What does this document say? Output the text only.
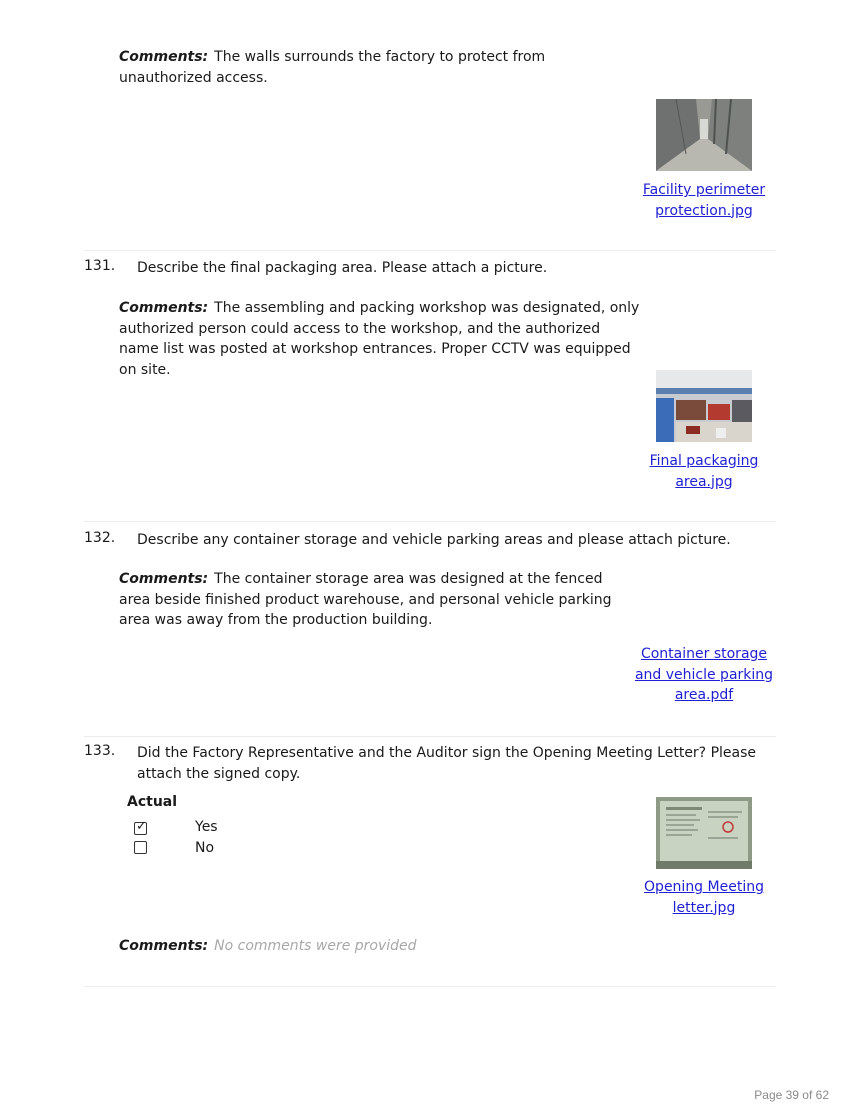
Comments: The walls surrounds the factory to protect from unauthorized access.
Facility perimeter
protection.jpg
131.	Describe the final packaging area. Please attach a picture.
Comments: The assembling and packing workshop was designated, only authorized person could access to the workshop, and the authorized name list was posted at workshop entrances. Proper CCTV was equipped on site.
Final packaging
area.jpg
132.	Describe any container storage and vehicle parking areas and please attach picture.
Comments: The container storage area was designed at the fenced area beside finished product warehouse, and personal vehicle parking area was away from the production building.
Container storage
and vehicle parking
area.pdf
133.	Did the Factory Representative and the Auditor sign the Opening Meeting Letter? Please attach the signed copy.
Actual
✓	Yes
No
Opening Meeting
letter.jpg
Comments: No comments were provided
Page 39 of 62
